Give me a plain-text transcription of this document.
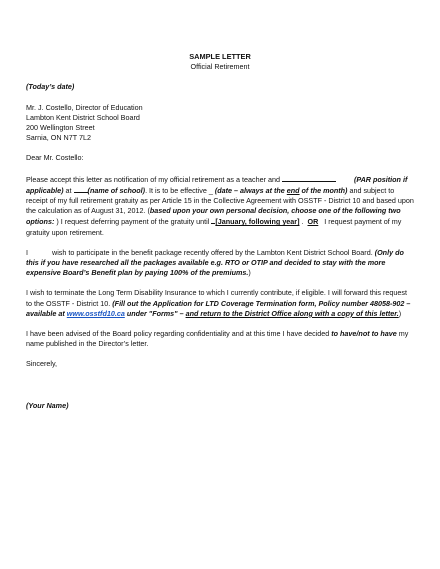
SAMPLE LETTER

Official Retirement

(Today’s date)

Mr. J. Costello, Director of Education

Lambton Kent District School Board

200 Wellington Street

Sarnia, ON N7T 7L2

Dear Mr. Costello:

Please accept this letter as notification of my official retirement as a teacher and	(PAR position if applicable) at (name of school). It is to be effective _ (date – always at the end of the month) and subject to receipt of my full retirement gratuity as per Article 15 in the Collective Agreement with OSSTF - District 10 and based upon the calculation as of August 31, 2012. (based upon your own personal decision, choose one of the following two options: ) I request deferring payment of the gratuity until [January, following year] .  OR I request payment of my gratuity upon retirement.

I	wish to participate in the benefit package recently offered by the Lambton Kent District School Board. (Only do this if you have researched all the packages available e.g. RTO or OTIP and decided to stay with the more expensive Board’s Benefit plan by paying 100% of the premiums.)

I wish to terminate the Long Term Disability Insurance to which I currently contribute, if eligible. I will forward this request to the OSSTF - District 10. (Fill out the Application for LTD Coverage Termination form, Policy number 48058-902 – available at www.osstfd10.ca under "Forms" – and return to the District Office along with a copy of this letter.)

I have been advised of the Board policy regarding confidentiality and at this time I have decided to have/not to have my name published in the Director’s letter.

Sincerely,

(Your Name)
